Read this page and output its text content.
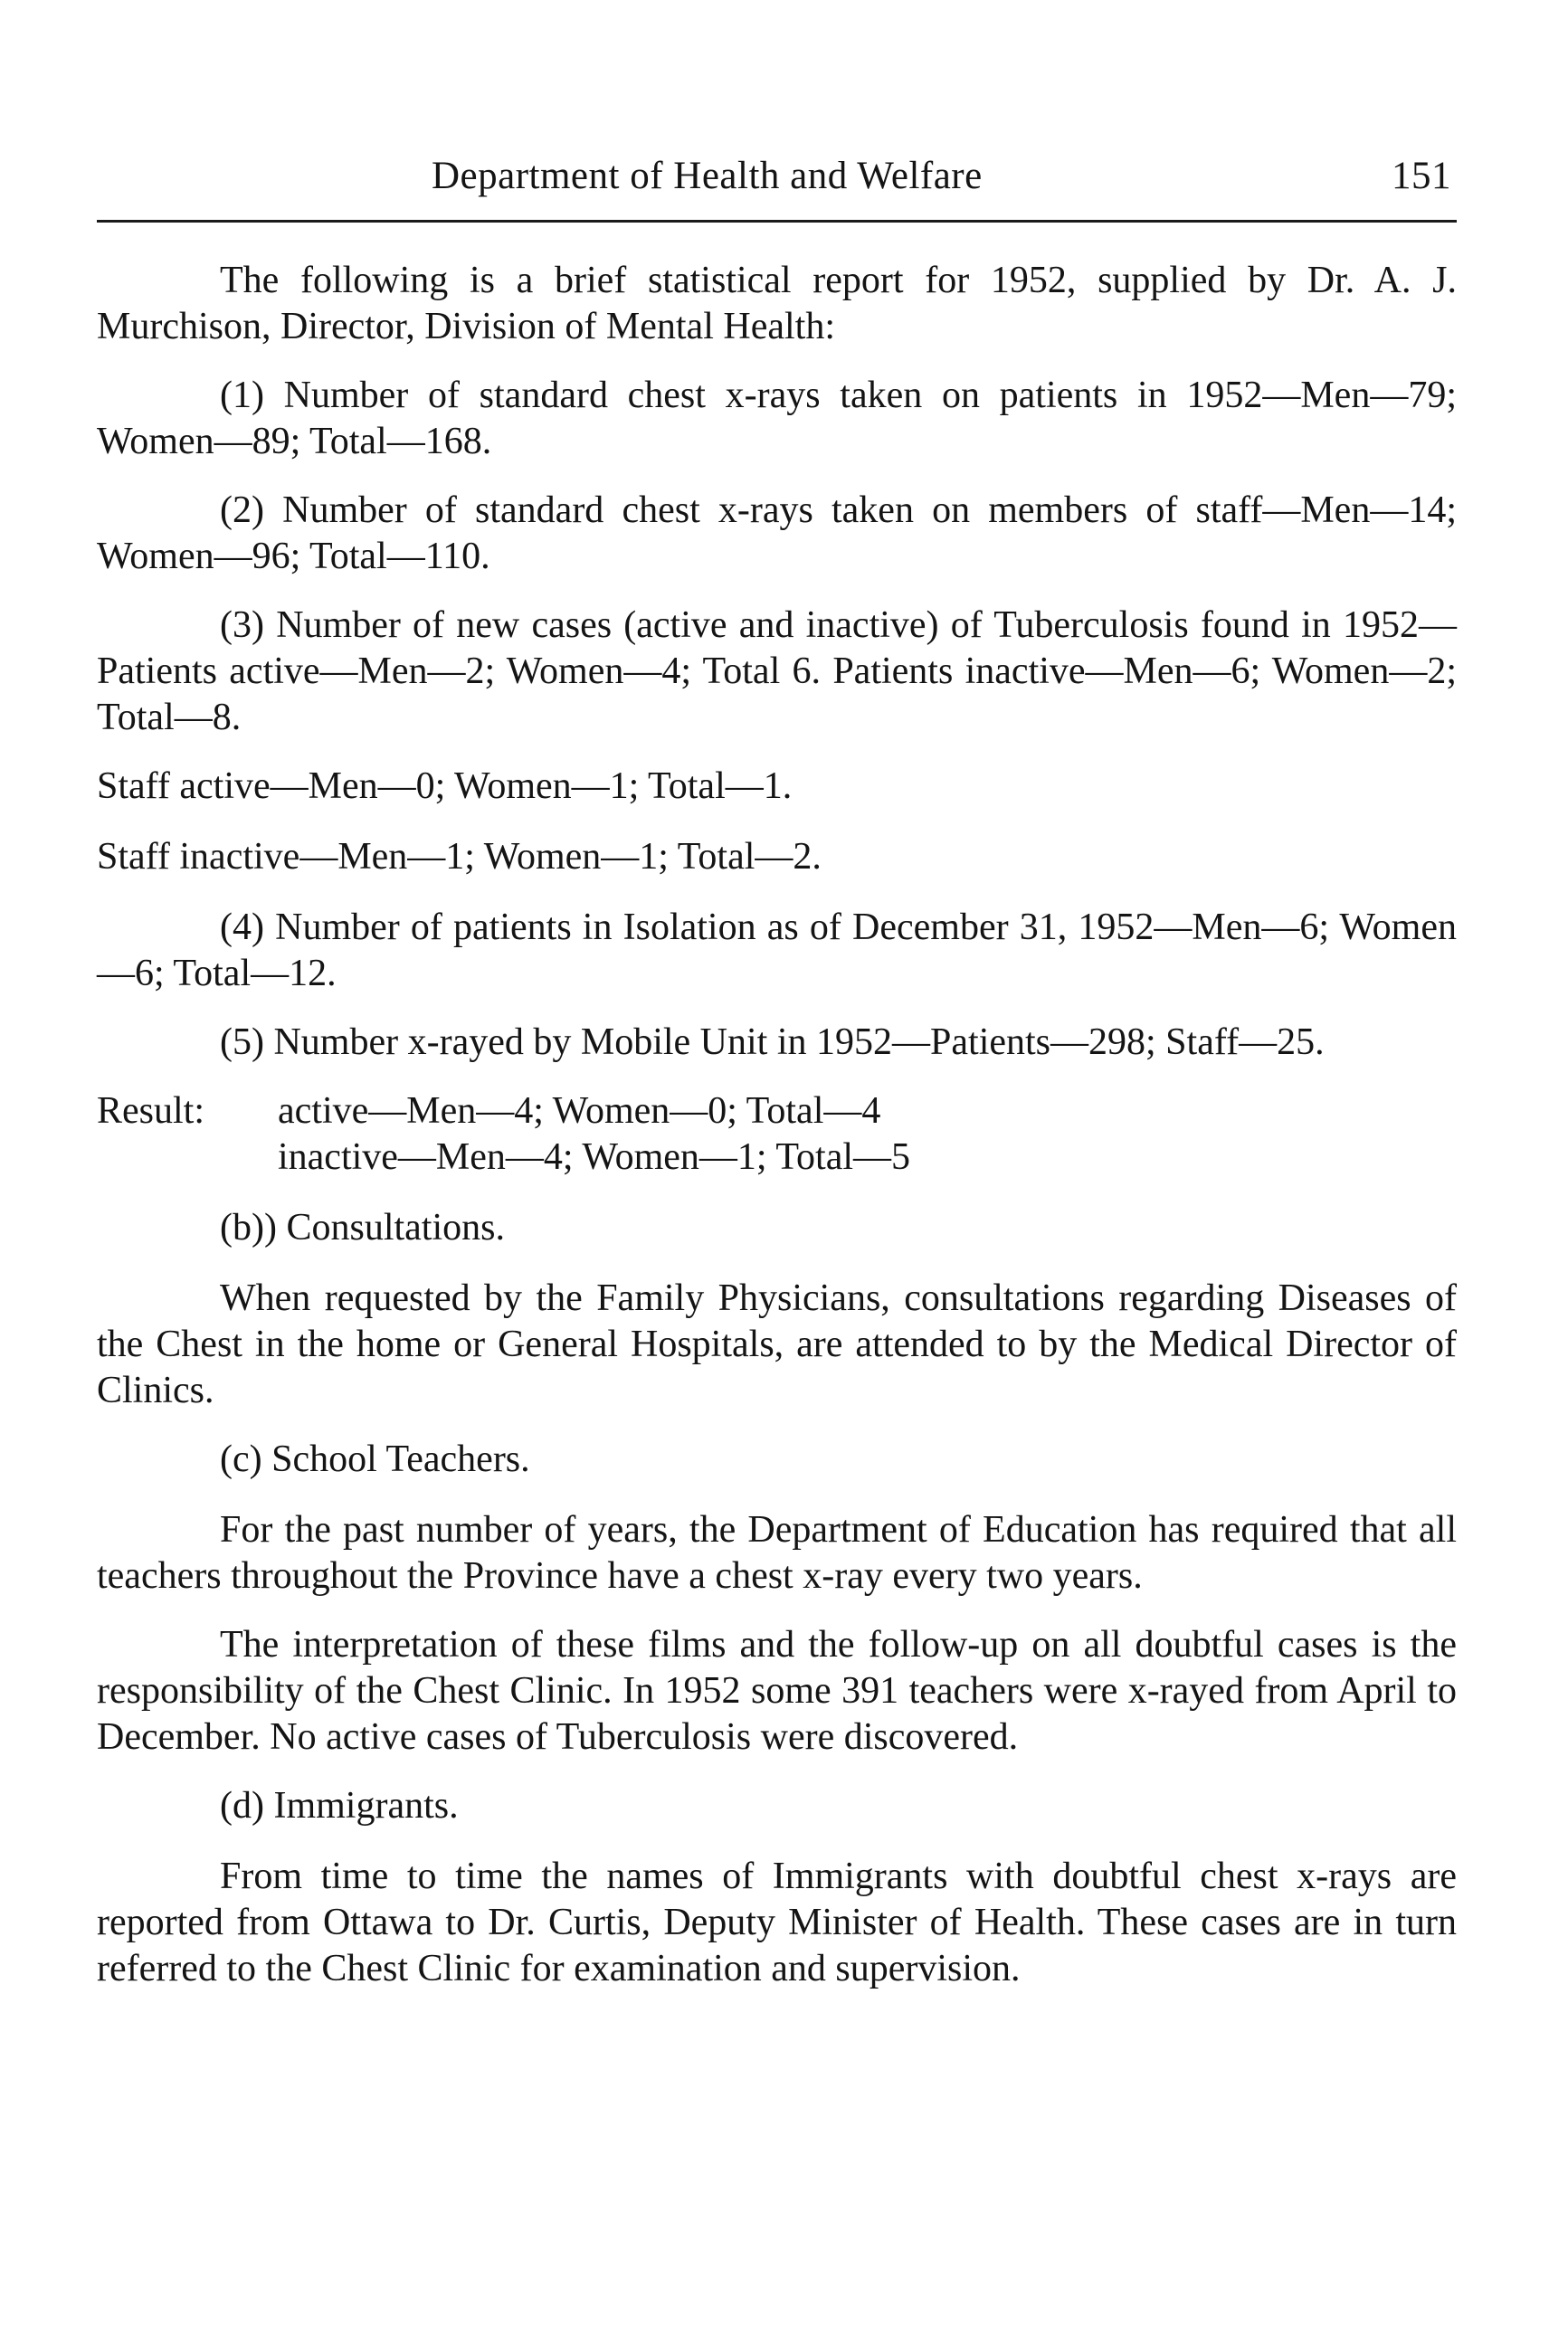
Department of Health and Welfare	151

The following is a brief statistical report for 1952, supplied by Dr. A. J. Murchison, Director, Division of Mental Health:

(1) Number of standard chest x-rays taken on patients in 1952—Men—79; Women—89; Total—168.

(2) Number of standard chest x-rays taken on members of staff—Men—14; Women—96; Total—110.

(3) Number of new cases (active and inactive) of Tuberculosis found in 1952—Patients active—Men—2; Women—4; Total 6. Patients inactive—Men—6; Women—2; Total—8.

Staff active—Men—0; Women—1; Total—1.

Staff inactive—Men—1; Women—1; Total—2.

(4) Number of patients in Isolation as of December 31, 1952—Men—6; Women—6; Total—12.

(5) Number x-rayed by Mobile Unit in 1952—Patients—298; Staff—25.

Result:	active—Men—4; Women—0; Total—4
inactive—Men—4; Women—1; Total—5

(b)) Consultations.

When requested by the Family Physicians, consultations regarding Diseases of the Chest in the home or General Hospitals, are attended to by the Medical Director of Clinics.

(c) School Teachers.

For the past number of years, the Department of Education has required that all teachers throughout the Province have a chest x-ray every two years.

The interpretation of these films and the follow-up on all doubtful cases is the responsibility of the Chest Clinic. In 1952 some 391 teachers were x-rayed from April to December. No active cases of Tuberculosis were discovered.

(d) Immigrants.

From time to time the names of Immigrants with doubtful chest x-rays are reported from Ottawa to Dr. Curtis, Deputy Minister of Health. These cases are in turn referred to the Chest Clinic for examination and supervision.
